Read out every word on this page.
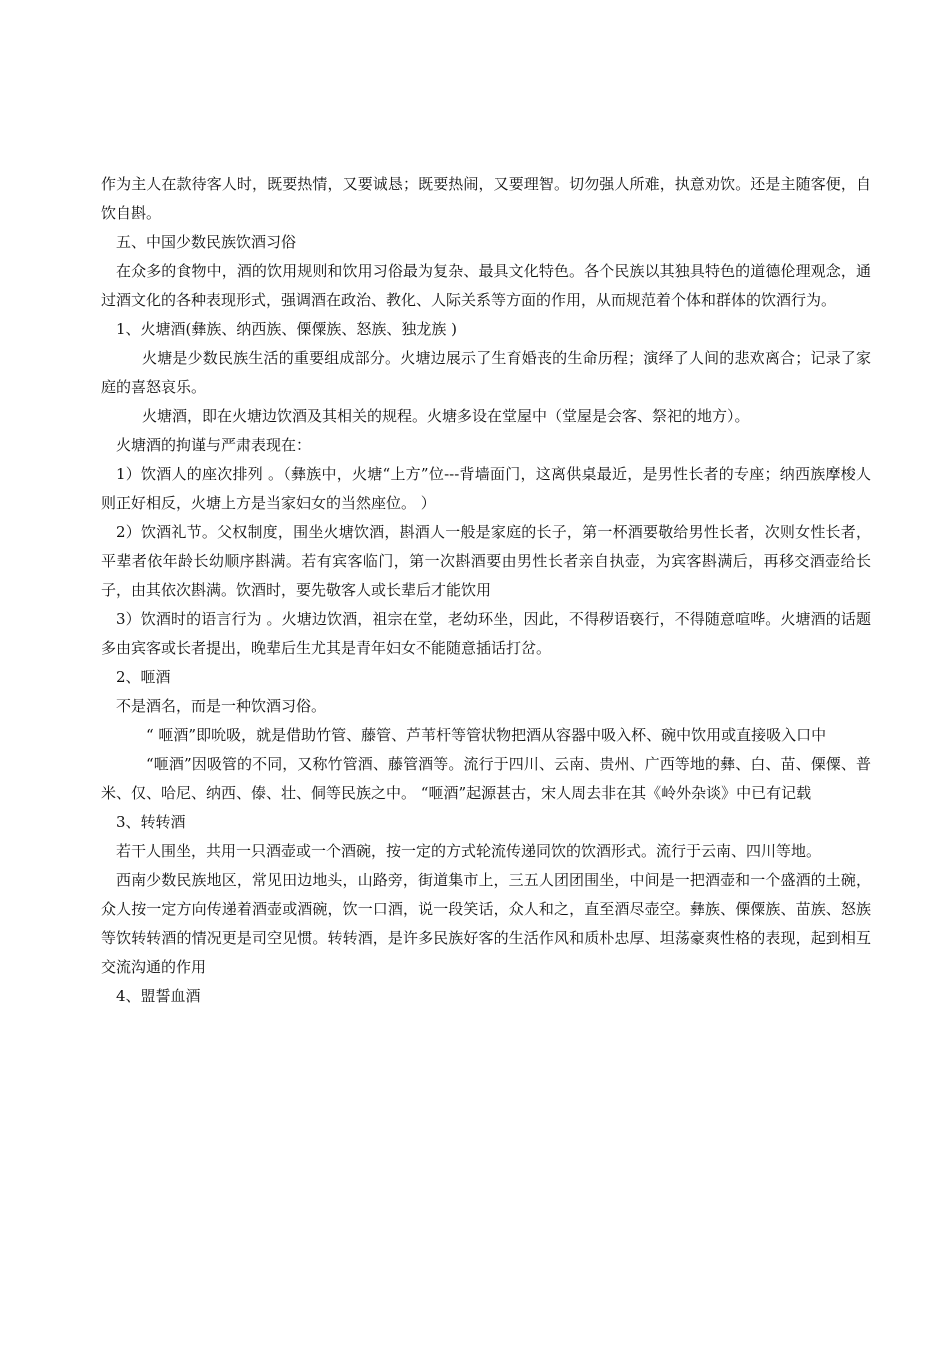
作为主人在款待客人时，既要热情，又要诚恳；既要热闹，又要理智。切勿强人所难，执意劝饮。还是主随客便，自饮自斟。

五、中国少数民族饮酒习俗

在众多的食物中，酒的饮用规则和饮用习俗最为复杂、最具文化特色。各个民族以其独具特色的道德伦理观念，通过酒文化的各种表现形式，强调酒在政治、教化、人际关系等方面的作用，从而规范着个体和群体的饮酒行为。

1、火塘酒(彝族、纳西族、傈僳族、怒族、独龙族 )

火塘是少数民族生活的重要组成部分。火塘边展示了生育婚丧的生命历程；演绎了人间的悲欢离合；记录了家庭的喜怒哀乐。

火塘酒，即在火塘边饮酒及其相关的规程。火塘多设在堂屋中（堂屋是会客、祭祀的地方）。

火塘酒的拘谨与严肃表现在：

1）饮酒人的座次排列 。（彝族中，火塘“上方”位---背墙面门，这离供桌最近，是男性长者的专座；纳西族摩梭人则正好相反，火塘上方是当家妇女的当然座位。 ）

2）饮酒礼节。父权制度，围坐火塘饮酒，斟酒人一般是家庭的长子，第一杯酒要敬给男性长者，次则女性长者，平辈者依年龄长幼顺序斟满。若有宾客临门，第一次斟酒要由男性长者亲自执壶，为宾客斟满后，再移交酒壶给长子，由其依次斟满。饮酒时，要先敬客人或长辈后才能饮用

3）饮酒时的语言行为 。火塘边饮酒，祖宗在堂，老幼环坐，因此，不得秽语亵行，不得随意喧哗。火塘酒的话题多由宾客或长者提出，晚辈后生尤其是青年妇女不能随意插话打岔。

2、咂酒

不是酒名，而是一种饮酒习俗。

“ 咂酒”即吮吸，就是借助竹管、藤管、芦苇杆等管状物把酒从容器中吸入杯、碗中饮用或直接吸入口中

“咂酒”因吸管的不同，又称竹管酒、藤管酒等。流行于四川、云南、贵州、广西等地的彝、白、苗、傈僳、普米、仅、哈尼、纳西、傣、壮、侗等民族之中。 “咂酒”起源甚古，宋人周去非在其《岭外杂谈》中已有记载

3、转转酒

若干人围坐，共用一只酒壶或一个酒碗，按一定的方式轮流传递同饮的饮酒形式。流行于云南、四川等地。

西南少数民族地区，常见田边地头，山路旁，街道集市上，三五人团团围坐，中间是一把酒壶和一个盛酒的土碗，众人按一定方向传递着酒壶或酒碗，饮一口酒，说一段笑话，众人和之，直至酒尽壶空。彝族、傈僳族、苗族、怒族等饮转转酒的情况更是司空见惯。转转酒，是许多民族好客的生活作风和质朴忠厚、坦荡豪爽性格的表现，起到相互交流沟通的作用

4、盟誓血酒
